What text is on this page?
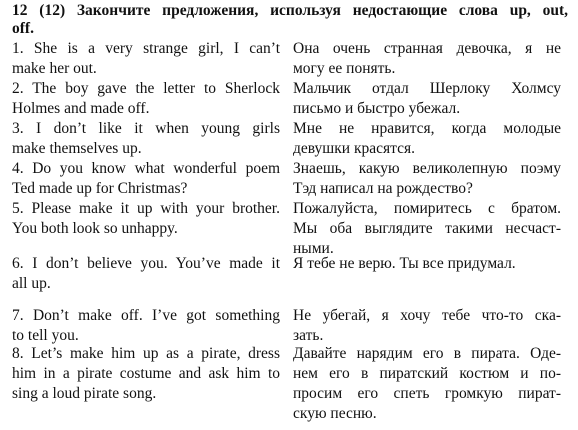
12 (12) Закончите предложения, используя недостающие слова up, out,
off.
1. She is a very strange girl, I can’t
make her out.
Она очень странная девочка, я не
могу ее понять.
2. The boy gave the letter to Sherlock
Holmes and made off.
Мальчик отдал Шерлоку Холмсу
письмо и быстро убежал.
3. I don’t like it when young girls
make themselves up.
Мне не нравится, когда молодые
девушки красятся.
4. Do you know what wonderful poem
Ted made up for Christmas?
Знаешь, какую великолепную поэму
Тэд написал на рождество?
5. Please make it up with your brother.
You both look so unhappy.
Пожалуйста, помиритесь с братом.
Мы оба выглядите такими несчаст-
ными.
6. I don’t believe you. You’ve made it
all up.
Я тебе не верю. Ты все придумал.
7. Don’t make off. I’ve got something
to tell you.
Не убегай, я хочу тебе что-то ска-
зать.
8. Let’s make him up as a pirate, dress
him in a pirate costume and ask him to
sing a loud pirate song.
Давайте нарядим его в пирата. Оде-
нем его в пиратский костюм и по-
просим его спеть громкую пират-
скую песню.
